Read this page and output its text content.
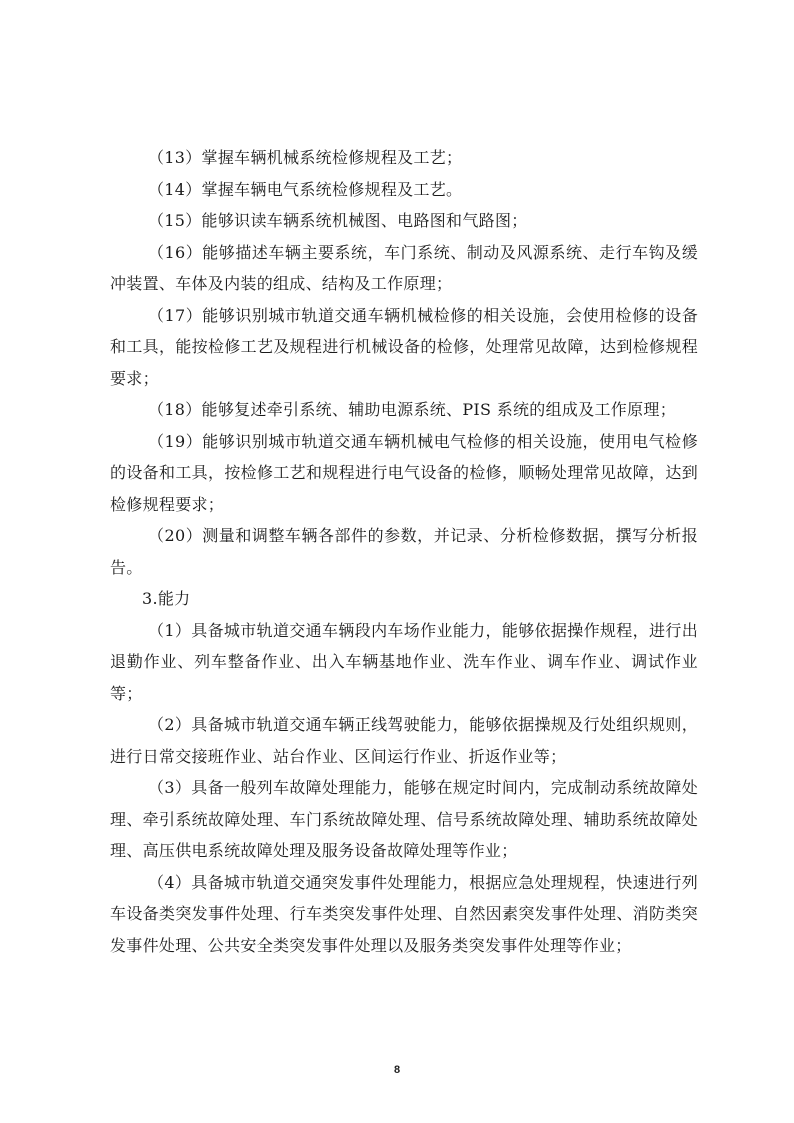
（13）掌握车辆机械系统检修规程及工艺；

（14）掌握车辆电气系统检修规程及工艺。

（15）能够识读车辆系统机械图、电路图和气路图；

（16）能够描述车辆主要系统，车门系统、制动及风源系统、走行车钩及缓冲装置、车体及内装的组成、结构及工作原理；

（17）能够识别城市轨道交通车辆机械检修的相关设施，会使用检修的设备和工具，能按检修工艺及规程进行机械设备的检修，处理常见故障，达到检修规程要求；

（18）能够复述牵引系统、辅助电源系统、PIS 系统的组成及工作原理；

（19）能够识别城市轨道交通车辆机械电气检修的相关设施，使用电气检修的设备和工具，按检修工艺和规程进行电气设备的检修，顺畅处理常见故障，达到检修规程要求；

（20）测量和调整车辆各部件的参数，并记录、分析检修数据，撰写分析报告。

3.能力

（1）具备城市轨道交通车辆段内车场作业能力，能够依据操作规程，进行出退勤作业、列车整备作业、出入车辆基地作业、洗车作业、调车作业、调试作业等；

（2）具备城市轨道交通车辆正线驾驶能力，能够依据操规及行处组织规则，进行日常交接班作业、站台作业、区间运行作业、折返作业等；

（3）具备一般列车故障处理能力，能够在规定时间内，完成制动系统故障处理、牵引系统故障处理、车门系统故障处理、信号系统故障处理、辅助系统故障处理、高压供电系统故障处理及服务设备故障处理等作业；

（4）具备城市轨道交通突发事件处理能力，根据应急处理规程，快速进行列车设备类突发事件处理、行车类突发事件处理、自然因素突发事件处理、消防类突发事件处理、公共安全类突发事件处理以及服务类突发事件处理等作业；

8
